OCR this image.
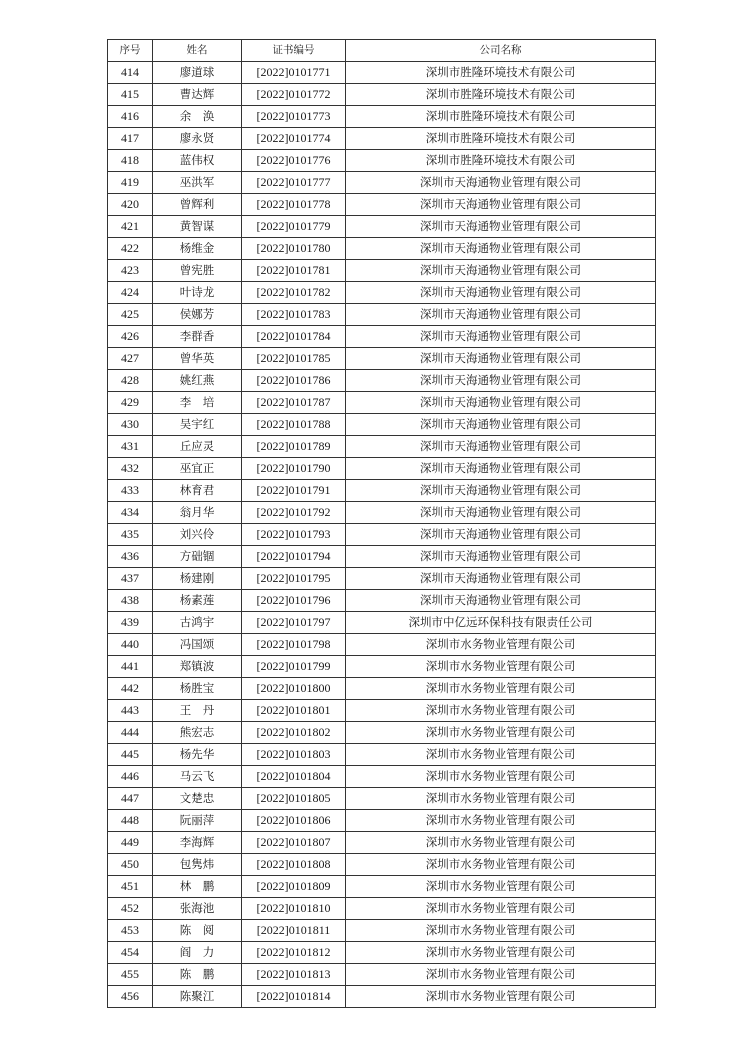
序号	姓名	证书编号	公司名称
414	廖道球	[2022]0101771	深圳市胜隆环境技术有限公司
415	曹达辉	[2022]0101772	深圳市胜隆环境技术有限公司
416	余　涣	[2022]0101773	深圳市胜隆环境技术有限公司
417	廖永贤	[2022]0101774	深圳市胜隆环境技术有限公司
418	蓝伟权	[2022]0101776	深圳市胜隆环境技术有限公司
419	巫洪军	[2022]0101777	深圳市天海通物业管理有限公司
420	曾辉利	[2022]0101778	深圳市天海通物业管理有限公司
421	黄智谋	[2022]0101779	深圳市天海通物业管理有限公司
422	杨维金	[2022]0101780	深圳市天海通物业管理有限公司
423	曾宪胜	[2022]0101781	深圳市天海通物业管理有限公司
424	叶诗龙	[2022]0101782	深圳市天海通物业管理有限公司
425	侯娜芳	[2022]0101783	深圳市天海通物业管理有限公司
426	李群香	[2022]0101784	深圳市天海通物业管理有限公司
427	曾华英	[2022]0101785	深圳市天海通物业管理有限公司
428	姚红燕	[2022]0101786	深圳市天海通物业管理有限公司
429	李　培	[2022]0101787	深圳市天海通物业管理有限公司
430	吴宇红	[2022]0101788	深圳市天海通物业管理有限公司
431	丘应灵	[2022]0101789	深圳市天海通物业管理有限公司
432	巫宜正	[2022]0101790	深圳市天海通物业管理有限公司
433	林育君	[2022]0101791	深圳市天海通物业管理有限公司
434	翁月华	[2022]0101792	深圳市天海通物业管理有限公司
435	刘兴伶	[2022]0101793	深圳市天海通物业管理有限公司
436	方础锢	[2022]0101794	深圳市天海通物业管理有限公司
437	杨建刚	[2022]0101795	深圳市天海通物业管理有限公司
438	杨素莲	[2022]0101796	深圳市天海通物业管理有限公司
439	古鸿宇	[2022]0101797	深圳市中亿远环保科技有限责任公司
440	冯国颂	[2022]0101798	深圳市水务物业管理有限公司
441	郑镇波	[2022]0101799	深圳市水务物业管理有限公司
442	杨胜宝	[2022]0101800	深圳市水务物业管理有限公司
443	王　丹	[2022]0101801	深圳市水务物业管理有限公司
444	熊宏志	[2022]0101802	深圳市水务物业管理有限公司
445	杨先华	[2022]0101803	深圳市水务物业管理有限公司
446	马云飞	[2022]0101804	深圳市水务物业管理有限公司
447	文楚忠	[2022]0101805	深圳市水务物业管理有限公司
448	阮丽萍	[2022]0101806	深圳市水务物业管理有限公司
449	李海辉	[2022]0101807	深圳市水务物业管理有限公司
450	包隽炜	[2022]0101808	深圳市水务物业管理有限公司
451	林　鹏	[2022]0101809	深圳市水务物业管理有限公司
452	张海池	[2022]0101810	深圳市水务物业管理有限公司
453	陈　阅	[2022]0101811	深圳市水务物业管理有限公司
454	阎　力	[2022]0101812	深圳市水务物业管理有限公司
455	陈　鹏	[2022]0101813	深圳市水务物业管理有限公司
456	陈聚江	[2022]0101814	深圳市水务物业管理有限公司
